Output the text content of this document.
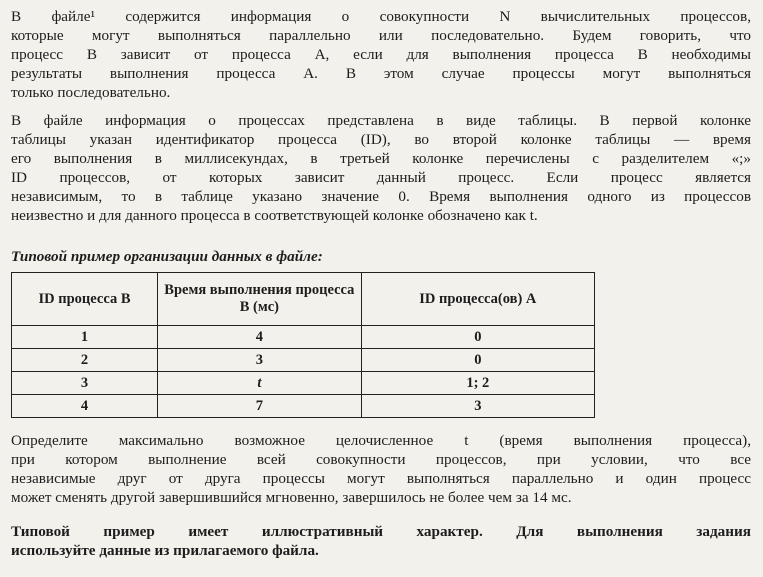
В файле¹ содержится информация о совокупности N вычислительных процессов,
которые могут выполняться параллельно или последовательно. Будем говорить, что
процесс B зависит от процесса A, если для выполнения процесса B необходимы
результаты выполнения процесса A. В этом случае процессы могут выполняться
только последовательно.

В файле информация о процессах представлена в виде таблицы. В первой колонке
таблицы указан идентификатор процесса (ID), во второй колонке таблицы — время
его выполнения в миллисекундах, в третьей колонке перечислены с разделителем «;»
ID процессов, от которых зависит данный процесс. Если процесс является
независимым, то в таблице указано значение 0. Время выполнения одного из процессов
неизвестно и для данного процесса в соответствующей колонке обозначено как t.

Типовой пример организации данных в файле:

ID процесса B	Время выполнения процесса B (мс)	ID процесса(ов) A
1	4	0
2	3	0
3	t	1; 2
4	7	3

Определите максимально возможное целочисленное t (время выполнения процесса),
при котором выполнение всей совокупности процессов, при условии, что все
независимые друг от друга процессы могут выполняться параллельно и один процесс
может сменять другой завершившийся мгновенно, завершилось не более чем за 14 мс.

Типовой пример имеет иллюстративный характер. Для выполнения задания
используйте данные из прилагаемого файла.
